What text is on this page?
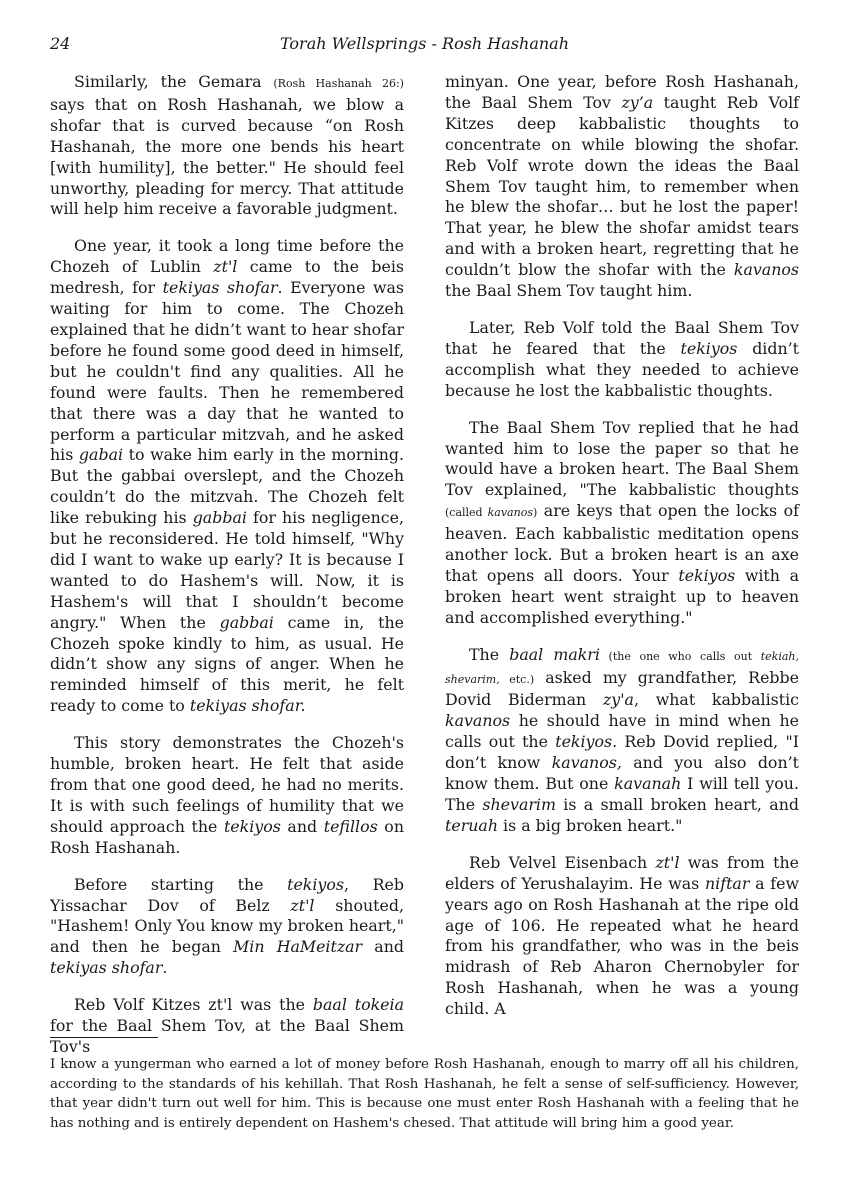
24	Torah Wellsprings - Rosh Hashanah

Similarly, the Gemara (Rosh Hashanah 26:) says that on Rosh Hashanah, we blow a shofar that is curved because “on Rosh Hashanah, the more one bends his heart [with humility], the better." He should feel unworthy, pleading for mercy. That attitude will help him receive a favorable judgment.

One year, it took a long time before the Chozeh of Lublin zt'l came to the beis medresh, for tekiyas shofar. Everyone was waiting for him to come. The Chozeh explained that he didn’t want to hear shofar before he found some good deed in himself, but he couldn't find any qualities. All he found were faults. Then he remembered that there was a day that he wanted to perform a particular mitzvah, and he asked his gabai to wake him early in the morning. But the gabbai overslept, and the Chozeh couldn’t do the mitzvah. The Chozeh felt like rebuking his gabbai for his negligence, but he reconsidered. He told himself, "Why did I want to wake up early? It is because I wanted to do Hashem's will. Now, it is Hashem's will that I shouldn’t become angry." When the gabbai came in, the Chozeh spoke kindly to him, as usual. He didn’t show any signs of anger. When he reminded himself of this merit, he felt ready to come to tekiyas shofar.

This story demonstrates the Chozeh's humble, broken heart. He felt that aside from that one good deed, he had no merits. It is with such feelings of humility that we should approach the tekiyos and tefillos on Rosh Hashanah.

Before starting the tekiyos, Reb Yissachar Dov of Belz zt'l shouted, "Hashem! Only You know my broken heart," and then he began Min HaMeitzar and tekiyas shofar.

Reb Volf Kitzes zt'l was the baal tokeia for the Baal Shem Tov, at the Baal Shem Tov's

minyan. One year, before Rosh Hashanah, the Baal Shem Tov zy’a taught Reb Volf Kitzes deep kabbalistic thoughts to concentrate on while blowing the shofar. Reb Volf wrote down the ideas the Baal Shem Tov taught him, to remember when he blew the shofar… but he lost the paper! That year, he blew the shofar amidst tears and with a broken heart, regretting that he couldn’t blow the shofar with the kavanos the Baal Shem Tov taught him.

Later, Reb Volf told the Baal Shem Tov that he feared that the tekiyos didn’t accomplish what they needed to achieve because he lost the kabbalistic thoughts.

The Baal Shem Tov replied that he had wanted him to lose the paper so that he would have a broken heart. The Baal Shem Tov explained, "The kabbalistic thoughts (called kavanos) are keys that open the locks of heaven. Each kabbalistic meditation opens another lock. But a broken heart is an axe that opens all doors. Your tekiyos with a broken heart went straight up to heaven and accomplished everything."

The baal makri (the one who calls out tekiah, shevarim, etc.) asked my grandfather, Rebbe Dovid Biderman zy'a, what kabbalistic kavanos he should have in mind when he calls out the tekiyos. Reb Dovid replied, "I don’t know kavanos, and you also don’t know them. But one kavanah I will tell you. The shevarim is a small broken heart, and teruah is a big broken heart."

Reb Velvel Eisenbach zt'l was from the elders of Yerushalayim. He was niftar a few years ago on Rosh Hashanah at the ripe old age of 106. He repeated what he heard from his grandfather, who was in the beis midrash of Reb Aharon Chernobyler for Rosh Hashanah, when he was a young child. A

I know a yungerman who earned a lot of money before Rosh Hashanah, enough to marry off all his children, according to the standards of his kehillah. That Rosh Hashanah, he felt a sense of self-sufficiency. However, that year didn't turn out well for him. This is because one must enter Rosh Hashanah with a feeling that he has nothing and is entirely dependent on Hashem's chesed. That attitude will bring him a good year.
